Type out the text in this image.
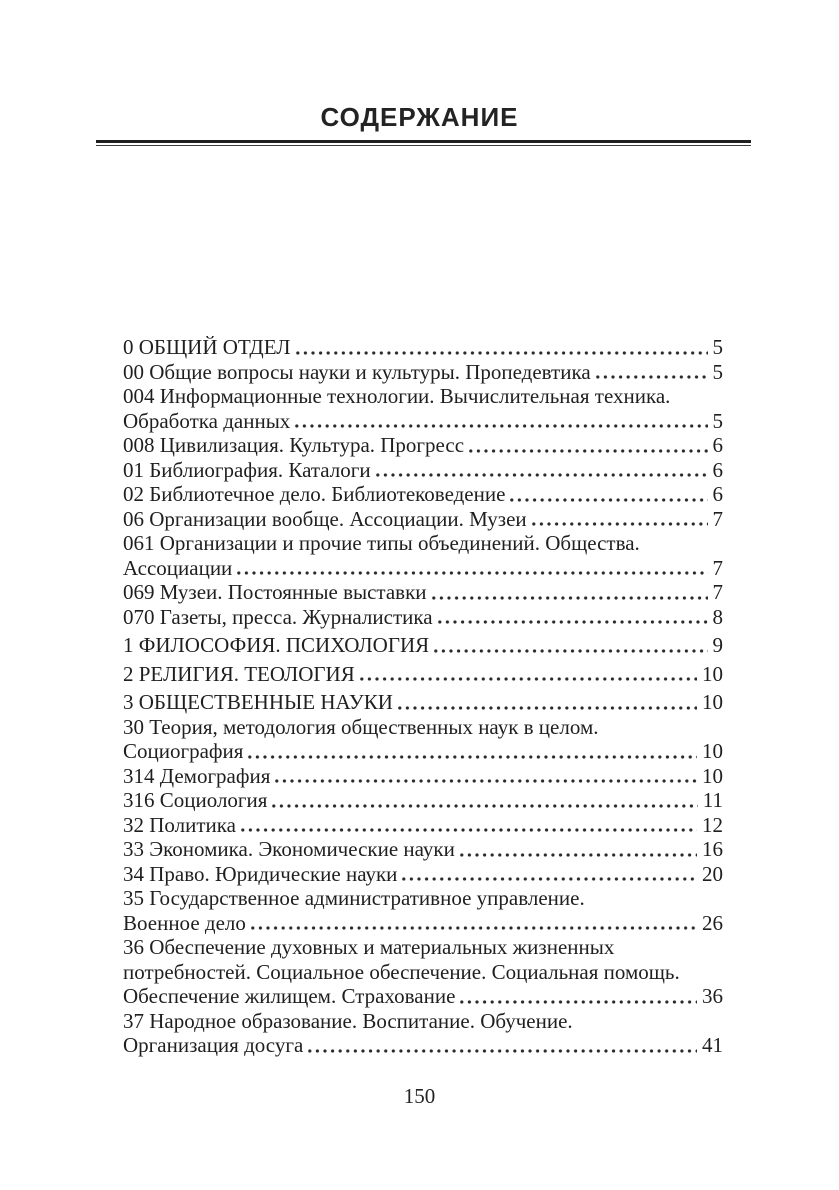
СОДЕРЖАНИЕ
0 ОБЩИЙ ОТДЕЛ	5
00 Общие вопросы науки и культуры. Пропедевтика	5
004 Информационные технологии. Вычислительная техника.
Обработка данных	5
008 Цивилизация. Культура. Прогресс	6
01 Библиография. Каталоги	6
02 Библиотечное дело. Библиотековедение	6
06 Организации вообще. Ассоциации. Музеи	7
061 Организации и прочие типы объединений. Общества.
Ассоциации	7
069 Музеи. Постоянные выставки	7
070 Газеты, пресса. Журналистика	8
1 ФИЛОСОФИЯ. ПСИХОЛОГИЯ	9
2 РЕЛИГИЯ. ТЕОЛОГИЯ	10
3 ОБЩЕСТВЕННЫЕ НАУКИ	10
30 Теория, методология общественных наук в целом.
Социография	10
314 Демография	10
316 Социология	11
32 Политика	12
33 Экономика. Экономические науки	16
34 Право. Юридические науки	20
35 Государственное административное управление.
Военное дело	26
36 Обеспечение духовных и материальных жизненных
потребностей. Социальное обеспечение. Социальная помощь.
Обеспечение жилищем. Страхование	36
37 Народное образование. Воспитание. Обучение.
Организация досуга	41
150
